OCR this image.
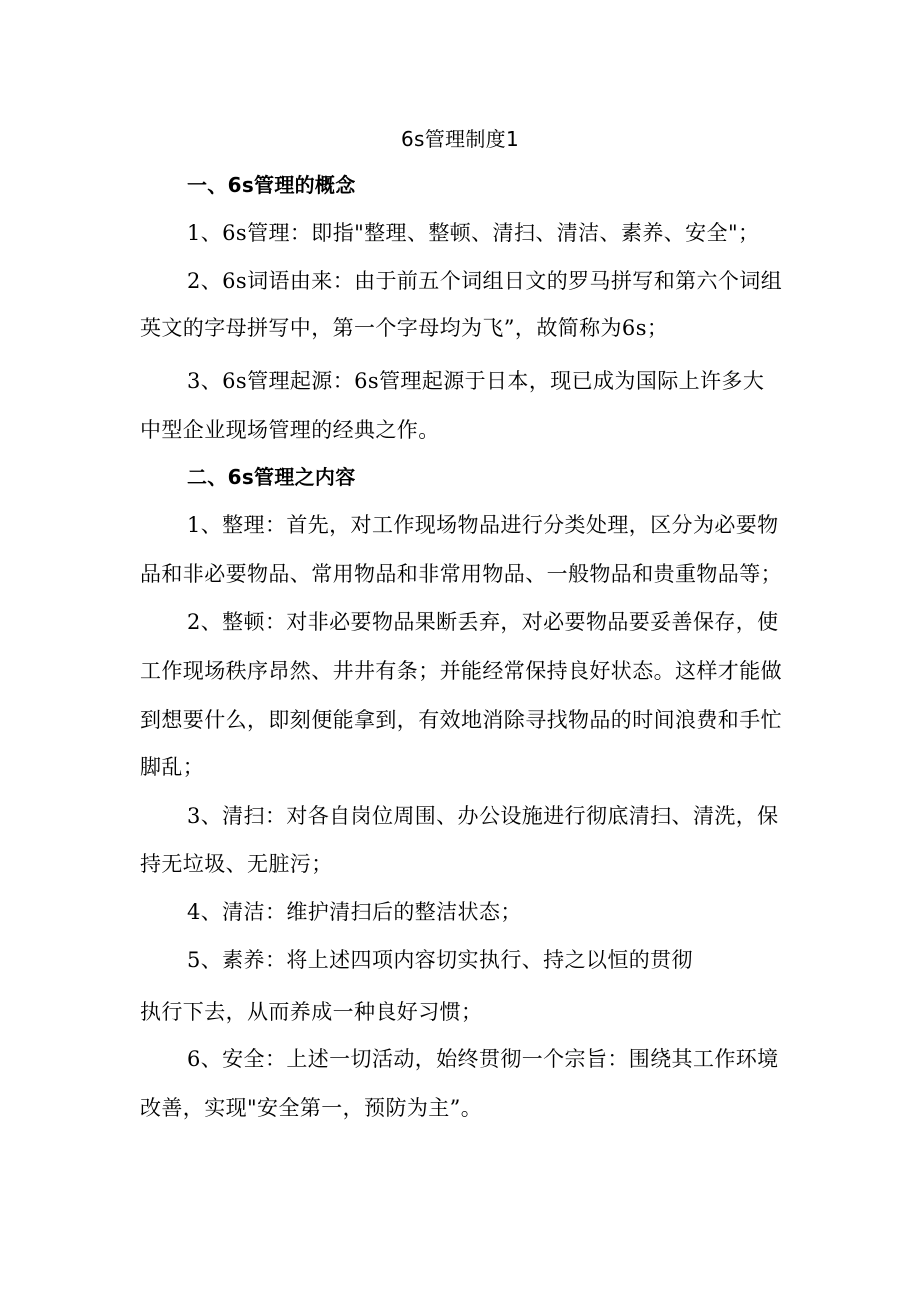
6s管理制度1
一、6s管理的概念
1、6s管理：即指"整理、整顿、清扫、清洁、素养、安全"；
2、6s词语由来：由于前五个词组日文的罗马拼写和第六个词组
英文的字母拼写中，第一个字母均为飞”，故简称为6s；
3、6s管理起源：6s管理起源于日本，现已成为国际上许多大
中型企业现场管理的经典之作。
二、6s管理之内容
1、整理：首先，对工作现场物品进行分类处理，区分为必要物
品和非必要物品、常用物品和非常用物品、一般物品和贵重物品等；
2、整顿：对非必要物品果断丢弃，对必要物品要妥善保存，使
工作现场秩序昂然、井井有条；并能经常保持良好状态。这样才能做
到想要什么，即刻便能拿到，有效地消除寻找物品的时间浪费和手忙
脚乱；
3、清扫：对各自岗位周围、办公设施进行彻底清扫、清洗，保
持无垃圾、无脏污；
4、清洁：维护清扫后的整洁状态；
5、素养：将上述四项内容切实执行、持之以恒的贯彻
执行下去，从而养成一种良好习惯；
6、安全：上述一切活动，始终贯彻一个宗旨：围绕其工作环境
改善，实现"安全第一，预防为主”。
